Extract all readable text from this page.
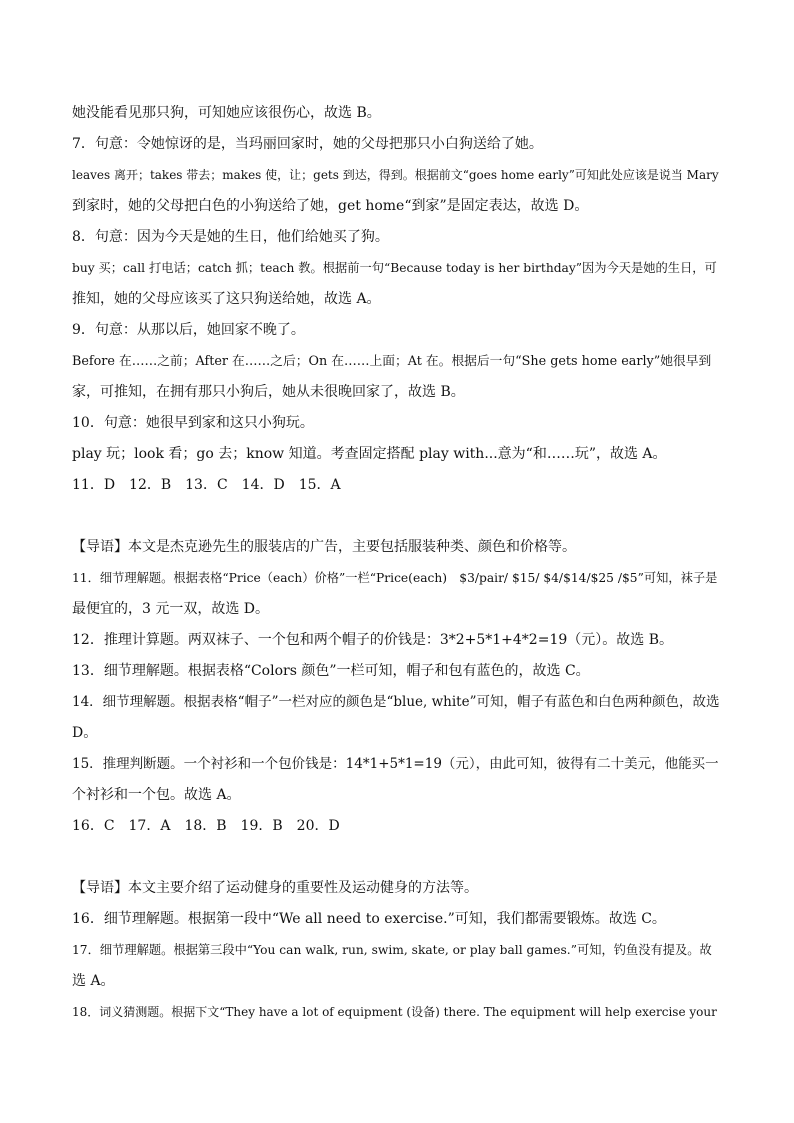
她没能看见那只狗，可知她应该很伤心，故选 B。
7．句意：令她惊讶的是，当玛丽回家时，她的父母把那只小白狗送给了她。
leaves 离开；takes 带去；makes 使，让；gets 到达，得到。根据前文“goes home early”可知此处应该是说当 Mary
到家时，她的父母把白色的小狗送给了她，get home“到家”是固定表达，故选 D。
8．句意：因为今天是她的生日，他们给她买了狗。
buy 买；call 打电话；catch 抓；teach 教。根据前一句“Because today is her birthday”因为今天是她的生日，可
推知，她的父母应该买了这只狗送给她，故选 A。
9．句意：从那以后，她回家不晚了。
Before 在……之前；After 在……之后；On 在……上面；At 在。根据后一句“She gets home early”她很早到
家，可推知，在拥有那只小狗后，她从未很晚回家了，故选 B。
10．句意：她很早到家和这只小狗玩。
play 玩；look 看；go 去；know 知道。考查固定搭配 play with...意为“和……玩”，故选 A。
11．D　12．B　13．C　14．D　15．A
【导语】本文是杰克逊先生的服装店的广告，主要包括服装种类、颜色和价格等。
11．细节理解题。根据表格“Price（each）价格”一栏“Price(each)　$3/pair/ $15/ $4/$14/$25 /$5”可知，袜子是
最便宜的，3 元一双，故选 D。
12．推理计算题。两双袜子、一个包和两个帽子的价钱是：3*2+5*1+4*2=19（元）。故选 B。
13．细节理解题。根据表格“Colors 颜色”一栏可知，帽子和包有蓝色的，故选 C。
14．细节理解题。根据表格“帽子”一栏对应的颜色是“blue, white”可知，帽子有蓝色和白色两种颜色，故选
D。
15．推理判断题。一个衬衫和一个包价钱是：14*1+5*1=19（元），由此可知，彼得有二十美元，他能买一
个衬衫和一个包。故选 A。
16．C　17．A　18．B　19．B　20．D
【导语】本文主要介绍了运动健身的重要性及运动健身的方法等。
16．细节理解题。根据第一段中“We all need to exercise.”可知，我们都需要锻炼。故选 C。
17．细节理解题。根据第三段中“You can walk, run, swim, skate, or play ball games.”可知，钓鱼没有提及。故
选 A。
18．词义猜测题。根据下文“They have a lot of equipment (设备) there. The equipment will help exercise your
